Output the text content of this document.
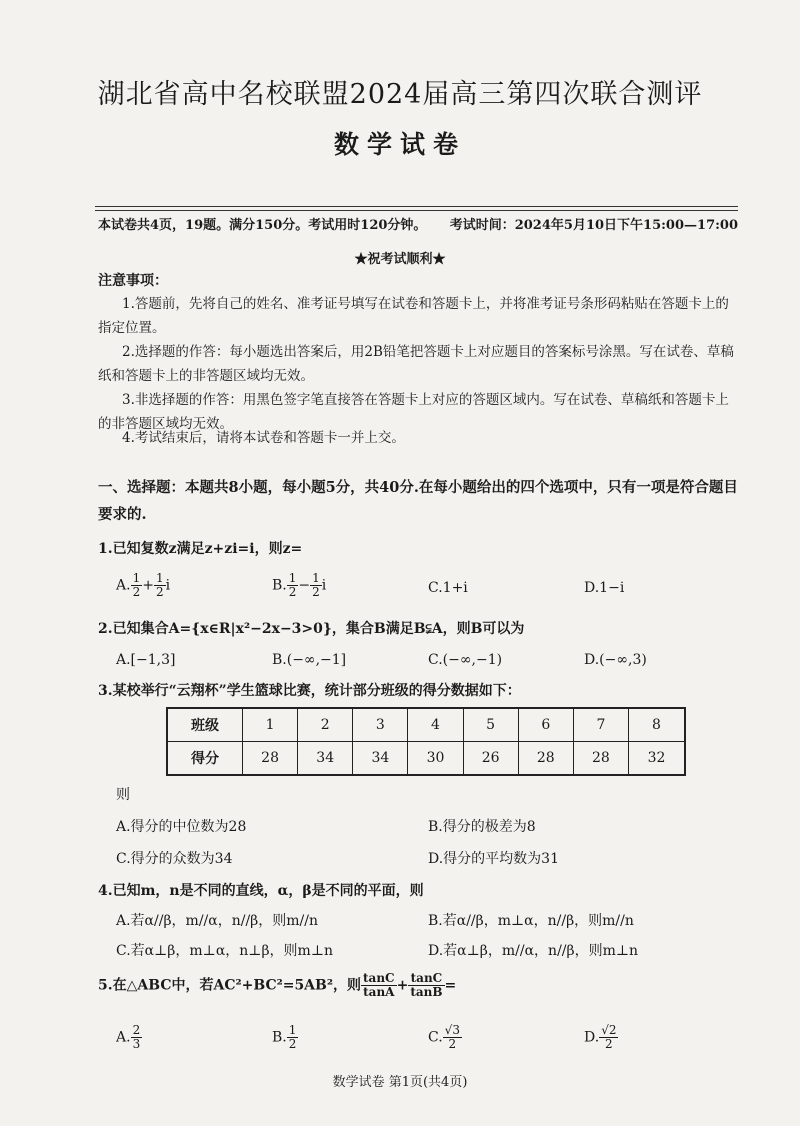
湖北省高中名校联盟2024届高三第四次联合测评
数学试卷
本试卷共4页，19题。满分150分。考试用时120分钟。 考试时间：2024年5月10日下午15:00—17:00
★祝考试顺利★
注意事项：
1.答题前，先将自己的姓名、准考证号填写在试卷和答题卡上，并将准考证号条形码粘贴在答题卡上的指定位置。
2.选择题的作答：每小题选出答案后，用2B铅笔把答题卡上对应题目的答案标号涂黑。写在试卷、草稿纸和答题卡上的非答题区域均无效。
3.非选择题的作答：用黑色签字笔直接答在答题卡上对应的答题区域内。写在试卷、草稿纸和答题卡上的非答题区域均无效。
4.考试结束后，请将本试卷和答题卡一并上交。
一、选择题：本题共8小题，每小题5分，共40分.在每小题给出的四个选项中，只有一项是符合题目要求的.
1.已知复数z满足z+zi=i，则z=
A. $\frac{1}{2} + \frac{1}{2}$ i	B. $\frac{1}{2} - \frac{1}{2}$ i	C.1+i	D.1−i
2.已知集合A={x∈R|x²−2x−3>0}，集合B满足B⫋A，则B可以为
A.[−1,3]	B.(−∞,−1]	C.(−∞,−1)	D.(−∞,3)
3.某校举行“云翔杯”学生篮球比赛，统计部分班级的得分数据如下：
班级	1	2	3	4	5	6	7	8
得分	28	34	34	30	26	28	28	32
则
A.得分的中位数为28	B.得分的极差为8
C.得分的众数为34	D.得分的平均数为31
4.已知m，n是不同的直线，α，β是不同的平面，则
A.若α//β，m//α，n//β，则m//n	B.若α//β，m⊥α，n//β，则m//n
C.若α⊥β，m⊥α，n⊥β，则m⊥n	D.若α⊥β，m//α，n//β，则m⊥n
5.在△ABC中，若AC²+BC²=5AB²，则 $\frac{\tan C}{\tan A} + \frac{\tan C}{\tan B}$ =
A. $\frac{2}{3}$	B. $\frac{1}{2}$	C. $\frac{√3}{2}$	D. $\frac{√2}{2}$
数学试卷 第1页(共4页)
